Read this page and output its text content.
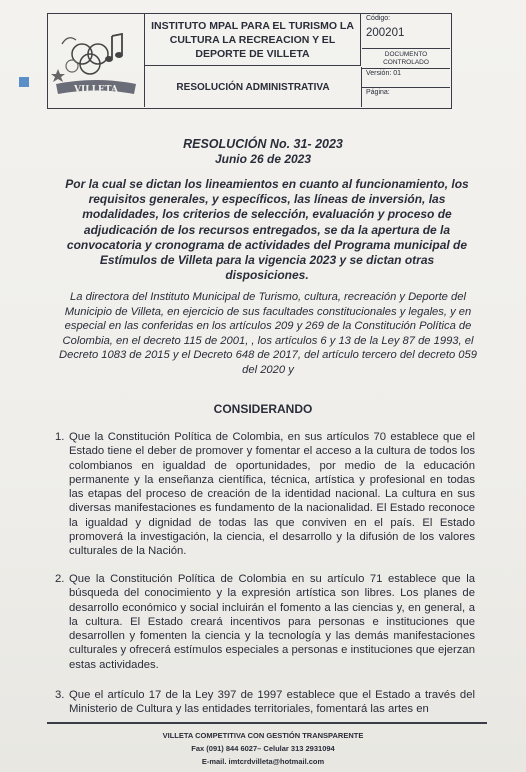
VILLETA
INSTITUTO MPAL PARA EL TURISMO LA CULTURA LA RECREACION Y EL DEPORTE DE VILLETA
RESOLUCIÓN ADMINISTRATIVA
Código:
200201
DOCUMENTO CONTROLADO
Versión: 01
Página:
RESOLUCIÓN No. 31- 2023
Junio 26 de 2023
Por la cual se dictan los lineamientos en cuanto al funcionamiento, los requisitos generales, y específicos, las líneas de inversión, las modalidades, los criterios de selección, evaluación y proceso de adjudicación de los recursos entregados, se da la apertura de la convocatoria y cronograma de actividades del Programa municipal de Estímulos de Villeta para la vigencia 2023 y se dictan otras disposiciones.
La directora del Instituto Municipal de Turismo, cultura, recreación y Deporte del Municipio de Villeta, en ejercicio de sus facultades constitucionales y legales, y en especial en las conferidas en los artículos 209 y 269 de la Constitución Política de Colombia, en el decreto 115 de 2001, , los artículos 6 y 13 de la Ley 87 de 1993, el Decreto 1083 de 2015 y el Decreto 648 de 2017, del artículo tercero del decreto 059 del 2020 y
CONSIDERANDO
1. Que la Constitución Política de Colombia, en sus artículos 70 establece que el Estado tiene el deber de promover y fomentar el acceso a la cultura de todos los colombianos en igualdad de oportunidades, por medio de la educación permanente y la enseñanza científica, técnica, artística y profesional en todas las etapas del proceso de creación de la identidad nacional. La cultura en sus diversas manifestaciones es fundamento de la nacionalidad. El Estado reconoce la igualdad y dignidad de todas las que conviven en el país. El Estado promoverá la investigación, la ciencia, el desarrollo y la difusión de los valores culturales de la Nación.
2. Que la Constitución Política de Colombia en su artículo 71 establece que la búsqueda del conocimiento y la expresión artística son libres. Los planes de desarrollo económico y social incluirán el fomento a las ciencias y, en general, a la cultura. El Estado creará incentivos para personas e instituciones que desarrollen y fomenten la ciencia y la tecnología y las demás manifestaciones culturales y ofrecerá estímulos especiales a personas e instituciones que ejerzan estas actividades.
3. Que el artículo 17 de la Ley 397 de 1997 establece que el Estado a través del Ministerio de Cultura y las entidades territoriales, fomentará las artes en
VILLETA COMPETITIVA CON GESTIÓN TRANSPARENTE
Fax (091) 844 6027– Celular 313 2931094
E-mail. imtcrdvilleta@hotmail.com
